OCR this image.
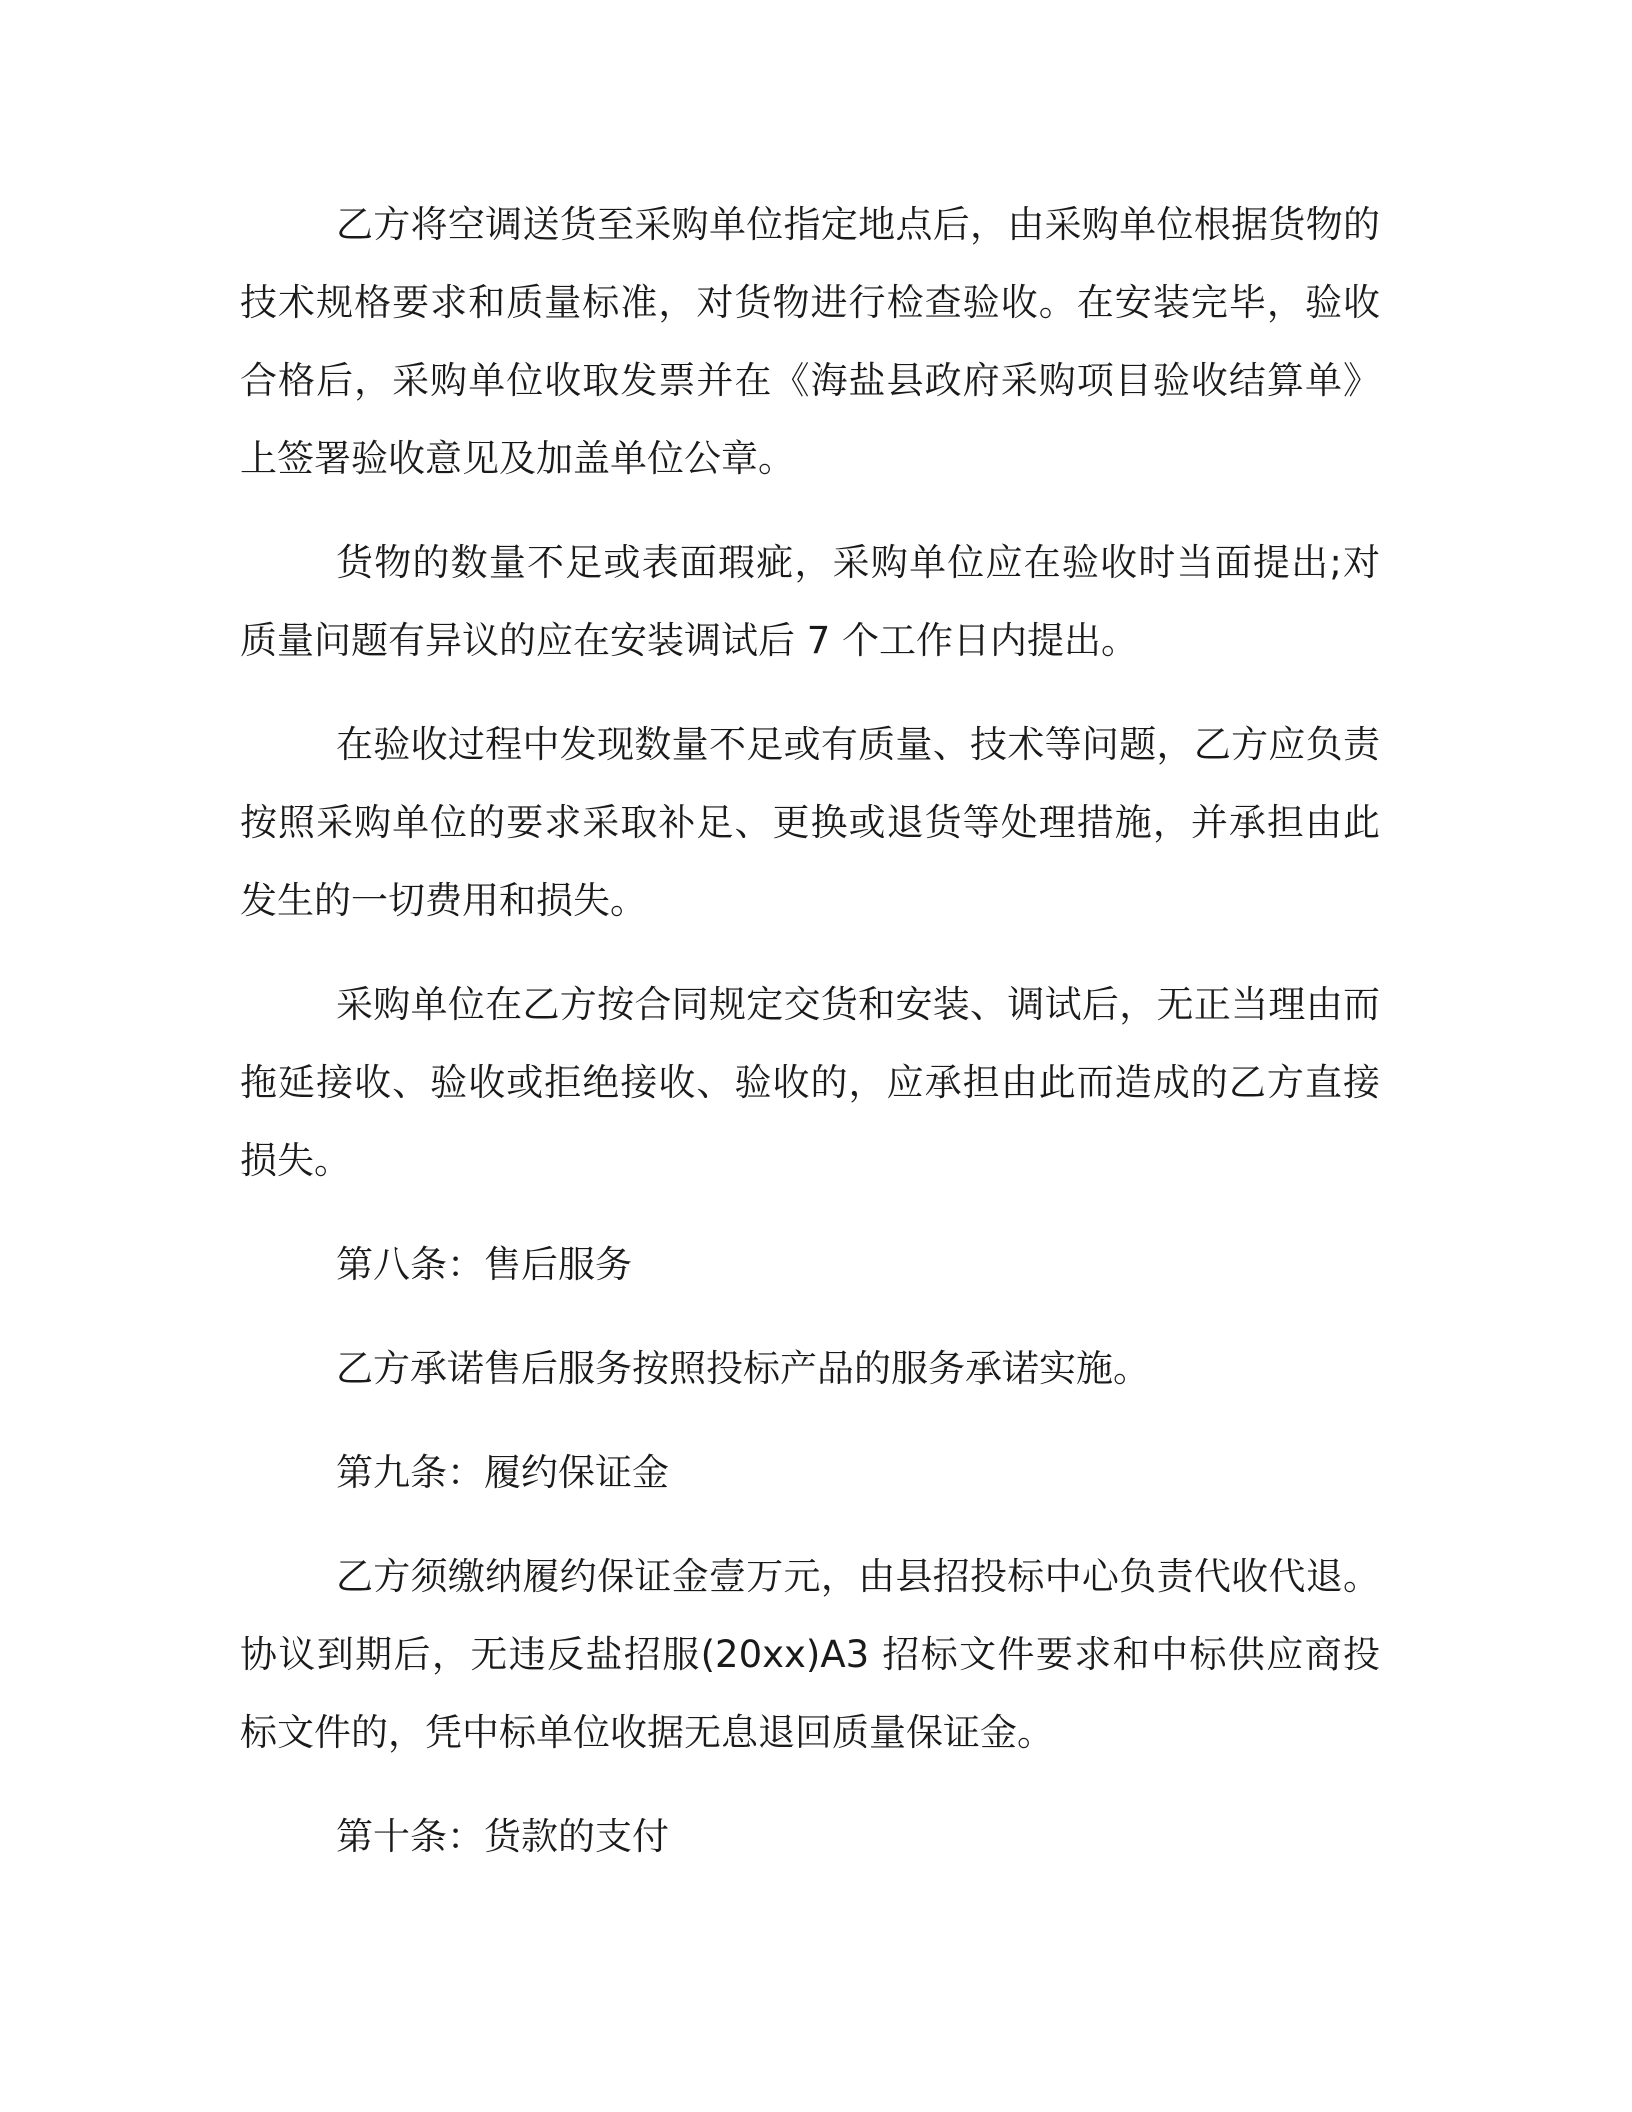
乙方将空调送货至采购单位指定地点后，由采购单位根据货物的技术规格要求和质量标准，对货物进行检查验收。在安装完毕，验收合格后，采购单位收取发票并在《海盐县政府采购项目验收结算单》上签署验收意见及加盖单位公章。

货物的数量不足或表面瑕疵，采购单位应在验收时当面提出;对质量问题有异议的应在安装调试后 7 个工作日内提出。

在验收过程中发现数量不足或有质量、技术等问题，乙方应负责按照采购单位的要求采取补足、更换或退货等处理措施，并承担由此发生的一切费用和损失。

采购单位在乙方按合同规定交货和安装、调试后，无正当理由而拖延接收、验收或拒绝接收、验收的，应承担由此而造成的乙方直接损失。

第八条：售后服务

乙方承诺售后服务按照投标产品的服务承诺实施。

第九条：履约保证金

乙方须缴纳履约保证金壹万元，由县招投标中心负责代收代退。协议到期后，无违反盐招服(20xx)A3 招标文件要求和中标供应商投标文件的，凭中标单位收据无息退回质量保证金。

第十条：货款的支付
